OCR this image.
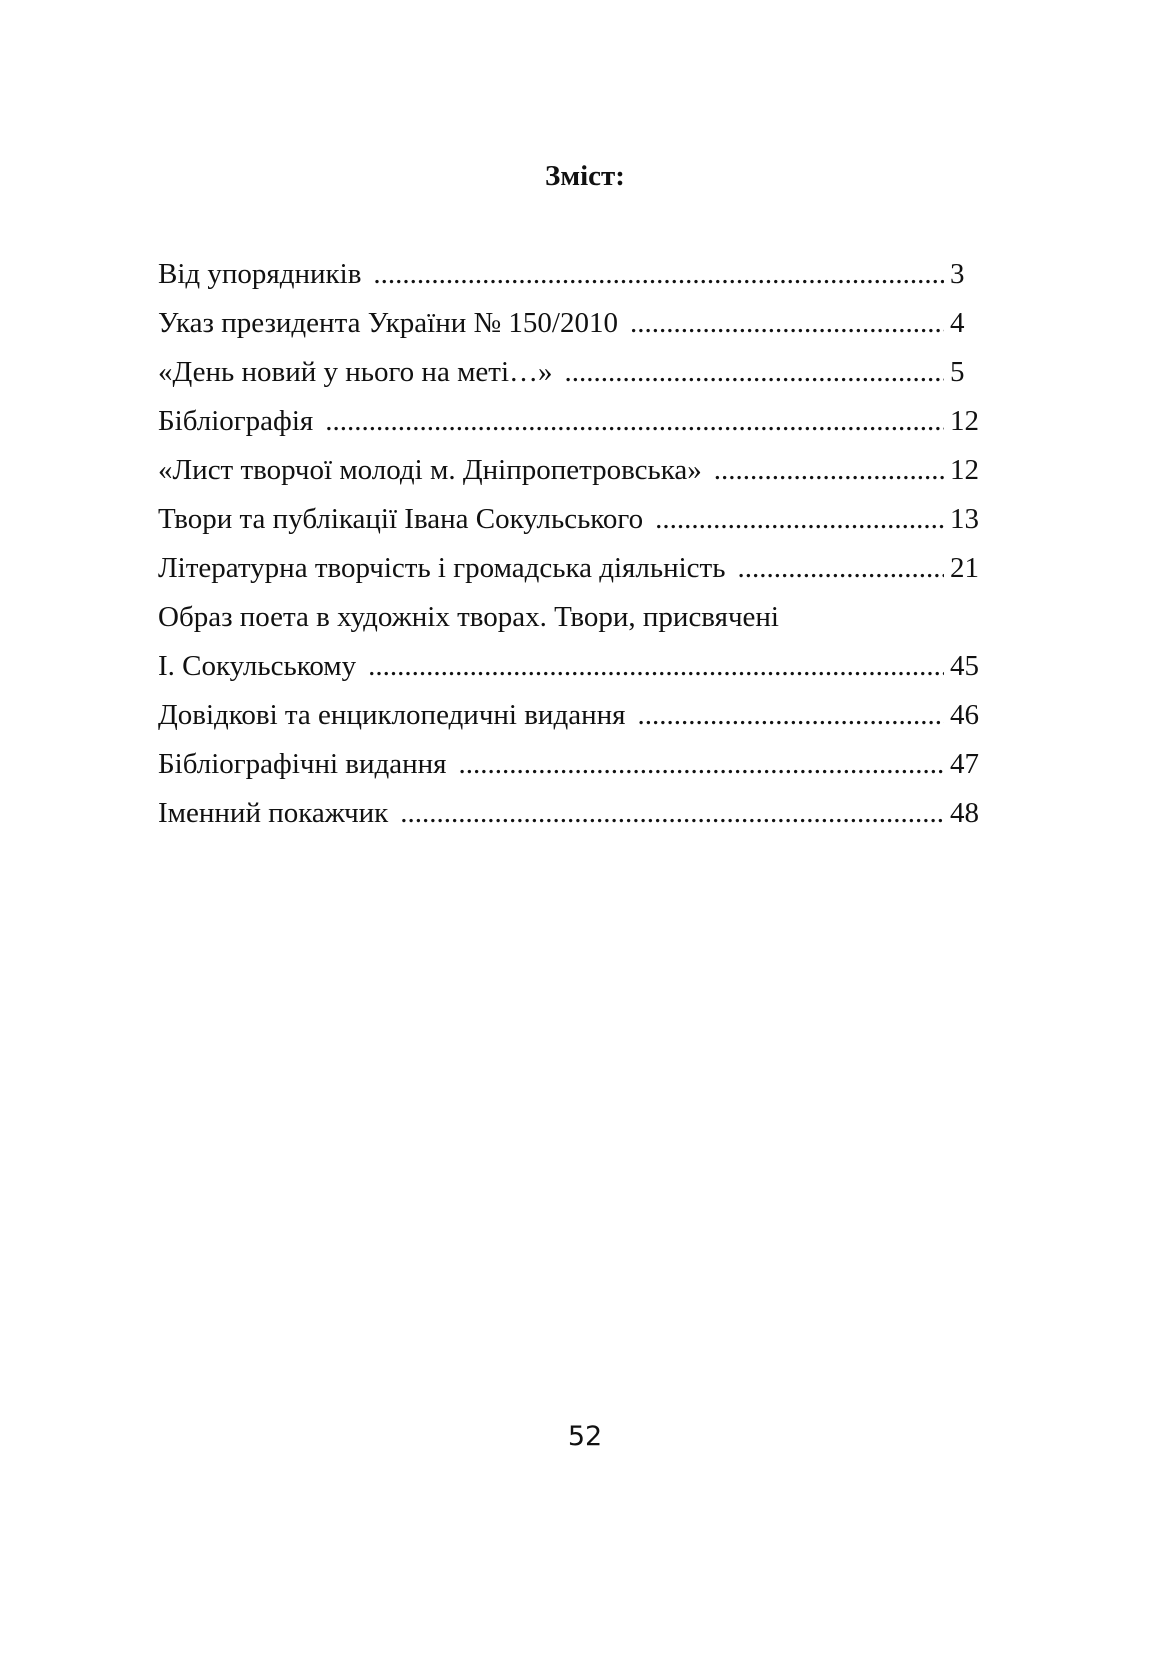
Зміст:
Від упорядників .....	3
Указ президента України № 150/2010 .....	4
«День новий у нього на меті…» .....	5
Бібліографія .....	12
«Лист творчої молоді м. Дніпропетровська» .....	12
Твори та публікації Івана Сокульського .....	13
Літературна творчість і громадська діяльність .....	21
Образ поета в художніх творах. Твори, присвячені
І. Сокульському .....	45
Довідкові та енциклопедичні видання .....	46
Бібліографічні видання .....	47
Іменний покажчик .....	48
52
